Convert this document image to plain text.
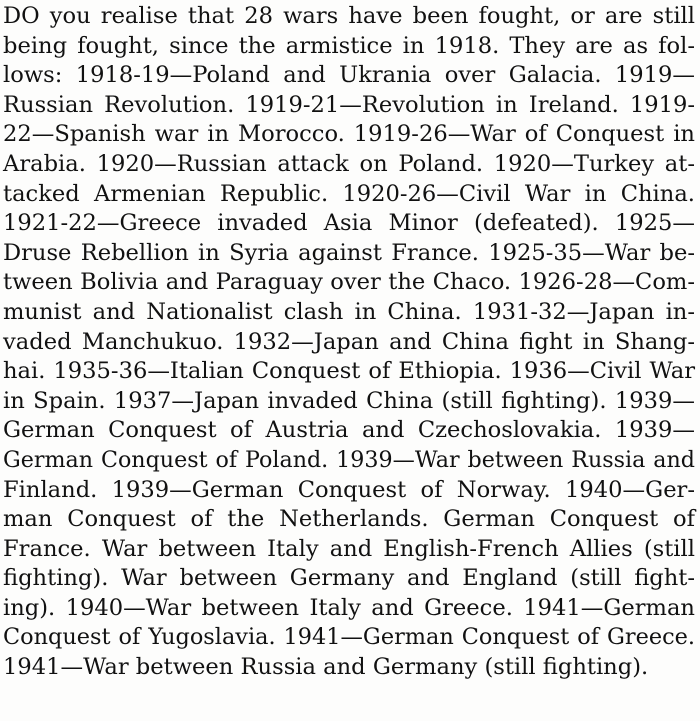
DO you realise that 28 wars have been fought, or are still
being fought, since the armistice in 1918. They are as fol-
lows: 1918-19—Poland and Ukrania over Galacia. 1919—
Russian Revolution. 1919-21—Revolution in Ireland. 1919-
22—Spanish war in Morocco. 1919-26—War of Conquest in
Arabia. 1920—Russian attack on Poland. 1920—Turkey at-
tacked Armenian Republic. 1920-26—Civil War in China.
1921-22—Greece invaded Asia Minor (defeated). 1925—
Druse Rebellion in Syria against France. 1925-35—War be-
tween Bolivia and Paraguay over the Chaco. 1926-28—Com-
munist and Nationalist clash in China. 1931-32—Japan in-
vaded Manchukuo. 1932—Japan and China fight in Shang-
hai. 1935-36—Italian Conquest of Ethiopia. 1936—Civil War
in Spain. 1937—Japan invaded China (still fighting). 1939—
German Conquest of Austria and Czechoslovakia. 1939—
German Conquest of Poland. 1939—War between Russia and
Finland. 1939—German Conquest of Norway. 1940—Ger-
man Conquest of the Netherlands. German Conquest of
France. War between Italy and English-French Allies (still
fighting). War between Germany and England (still fight-
ing). 1940—War between Italy and Greece. 1941—German
Conquest of Yugoslavia. 1941—German Conquest of Greece.
1941—War between Russia and Germany (still fighting).
